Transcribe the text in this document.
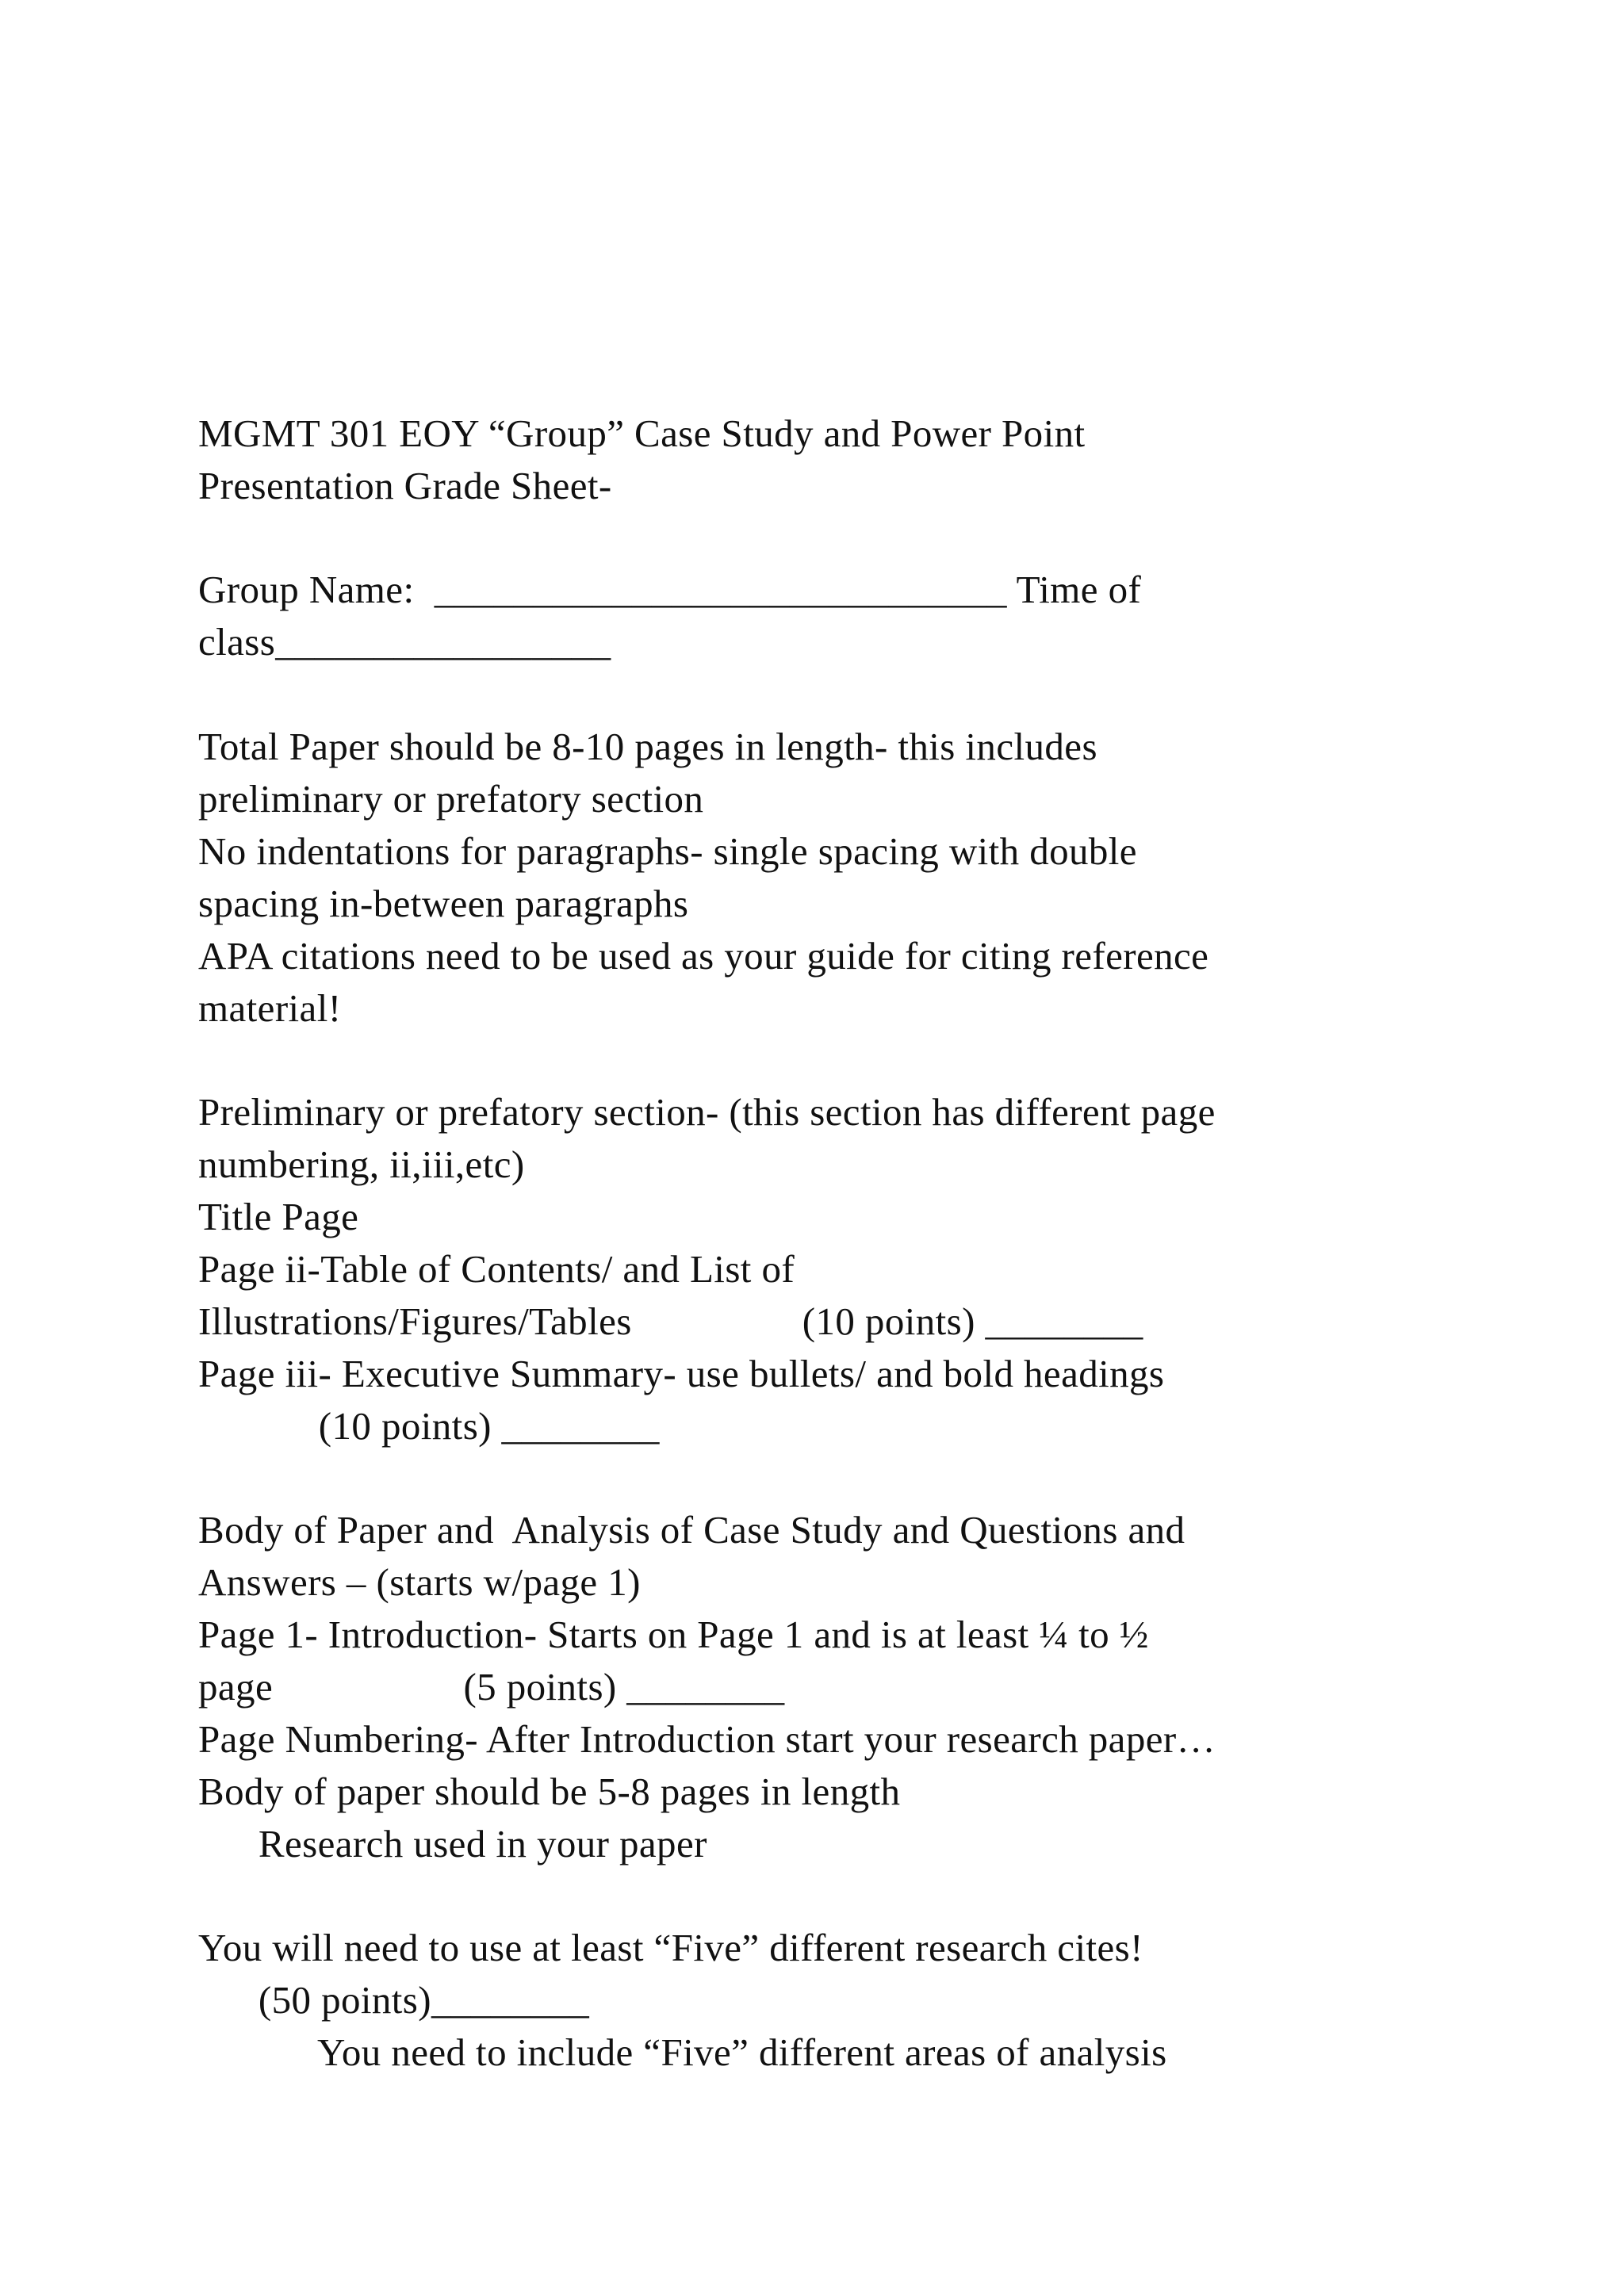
MGMT 301 EOY “Group” Case Study and Power Point
Presentation Grade Sheet-
Group Name:  _____________________________ Time of
class_________________
Total Paper should be 8-10 pages in length- this includes
preliminary or prefatory section
No indentations for paragraphs- single spacing with double
spacing in-between paragraphs
APA citations need to be used as your guide for citing reference
material!
Preliminary or prefatory section- (this section has different page
numbering, ii,iii,etc)
Title Page
Page ii-Table of Contents/ and List of
Illustrations/Figures/Tables                 (10 points) ________
Page iii- Executive Summary- use bullets/ and bold headings
(10 points) ________
Body of Paper and  Analysis of Case Study and Questions and
Answers – (starts w/page 1)
Page 1- Introduction- Starts on Page 1 and is at least ¼ to ½
page                   (5 points) ________
Page Numbering- After Introduction start your research paper…
Body of paper should be 5-8 pages in length
Research used in your paper
You will need to use at least “Five” different research cites!
(50 points)________
You need to include “Five” different areas of analysis
